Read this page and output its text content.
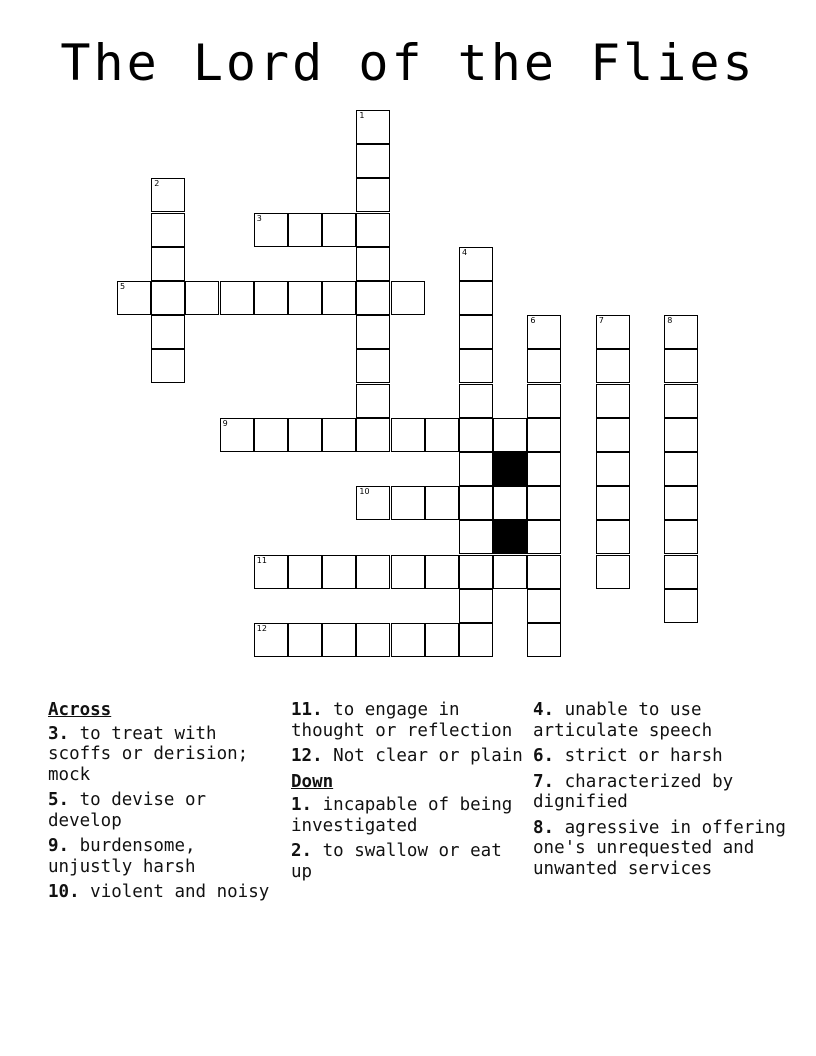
The Lord of the Flies
1
2
3
4
5
6	7	8
9
10
11
12
Across
3. to treat with scoffs or derision; mock
5. to devise or develop
9. burdensome, unjustly harsh
10. violent and noisy
11. to engage in thought or reflection
12. Not clear or plain
Down
1. incapable of being investigated
2. to swallow or eat up
4. unable to use articulate speech
6. strict or harsh
7. characterized by dignified
8. agressive in offering one's unrequested and unwanted services
